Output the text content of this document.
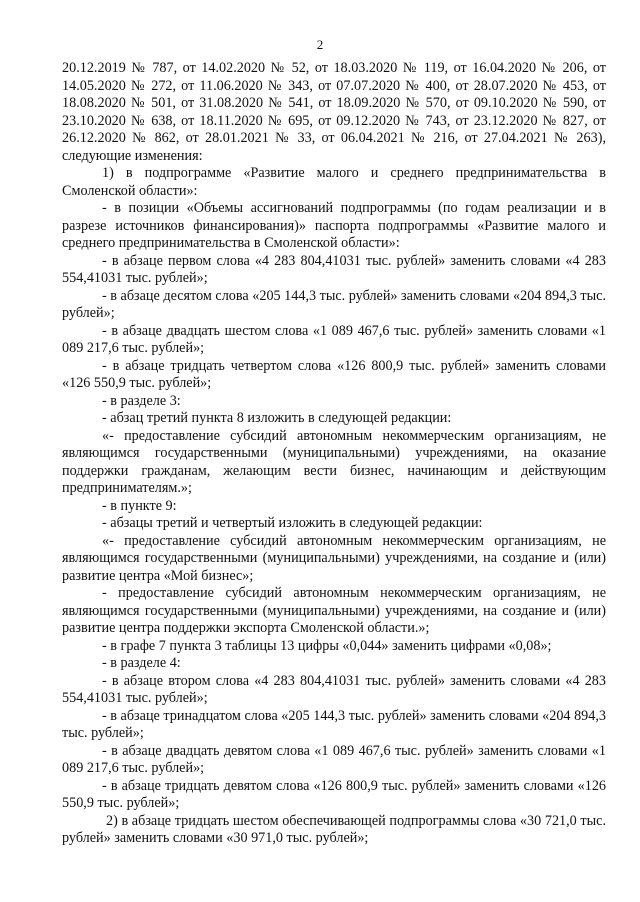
2

20.12.2019 № 787, от 14.02.2020 № 52, от 18.03.2020 № 119, от 16.04.2020 № 206, от 14.05.2020 № 272, от 11.06.2020 № 343, от 07.07.2020 № 400, от 28.07.2020 № 453, от 18.08.2020 № 501, от 31.08.2020 № 541, от 18.09.2020 № 570, от 09.10.2020 № 590, от 23.10.2020 № 638, от 18.11.2020 № 695, от 09.12.2020 № 743, от 23.12.2020 № 827, от 26.12.2020 № 862, от 28.01.2021 № 33, от 06.04.2021 № 216, от 27.04.2021 № 263), следующие изменения:

1) в подпрограмме «Развитие малого и среднего предпринимательства в Смоленской области»:

- в позиции «Объемы ассигнований подпрограммы (по годам реализации и в разрезе источников финансирования)» паспорта подпрограммы «Развитие малого и среднего предпринимательства в Смоленской области»:

- в абзаце первом слова «4 283 804,41031 тыс. рублей» заменить словами «4 283 554,41031 тыс. рублей»;

- в абзаце десятом слова «205 144,3 тыс. рублей» заменить словами «204 894,3 тыс. рублей»;

- в абзаце двадцать шестом слова «1 089 467,6 тыс. рублей» заменить словами «1 089 217,6 тыс. рублей»;

- в абзаце тридцать четвертом слова «126 800,9 тыс. рублей» заменить словами «126 550,9 тыс. рублей»;

- в разделе 3:

- абзац третий пункта 8 изложить в следующей редакции:

«- предоставление субсидий автономным некоммерческим организациям, не являющимся государственными (муниципальными) учреждениями, на оказание поддержки гражданам, желающим вести бизнес, начинающим и действующим предпринимателям.»;

- в пункте 9:

- абзацы третий и четвертый изложить в следующей редакции:

«- предоставление субсидий автономным некоммерческим организациям, не являющимся государственными (муниципальными) учреждениями, на создание и (или) развитие центра «Мой бизнес»;

- предоставление субсидий автономным некоммерческим организациям, не являющимся государственными (муниципальными) учреждениями, на создание и (или) развитие центра поддержки экспорта Смоленской области.»;

- в графе 7 пункта 3 таблицы 13 цифры «0,044» заменить цифрами «0,08»;

- в разделе 4:

- в абзаце втором слова «4 283 804,41031 тыс. рублей» заменить словами «4 283 554,41031 тыс. рублей»;

- в абзаце тринадцатом слова «205 144,3 тыс. рублей» заменить словами «204 894,3 тыс. рублей»;

- в абзаце двадцать девятом слова «1 089 467,6 тыс. рублей» заменить словами «1 089 217,6 тыс. рублей»;

- в абзаце тридцать девятом слова «126 800,9 тыс. рублей» заменить словами «126 550,9 тыс. рублей»;

2) в абзаце тридцать шестом обеспечивающей подпрограммы слова «30 721,0 тыс. рублей» заменить словами «30 971,0 тыс. рублей»;
